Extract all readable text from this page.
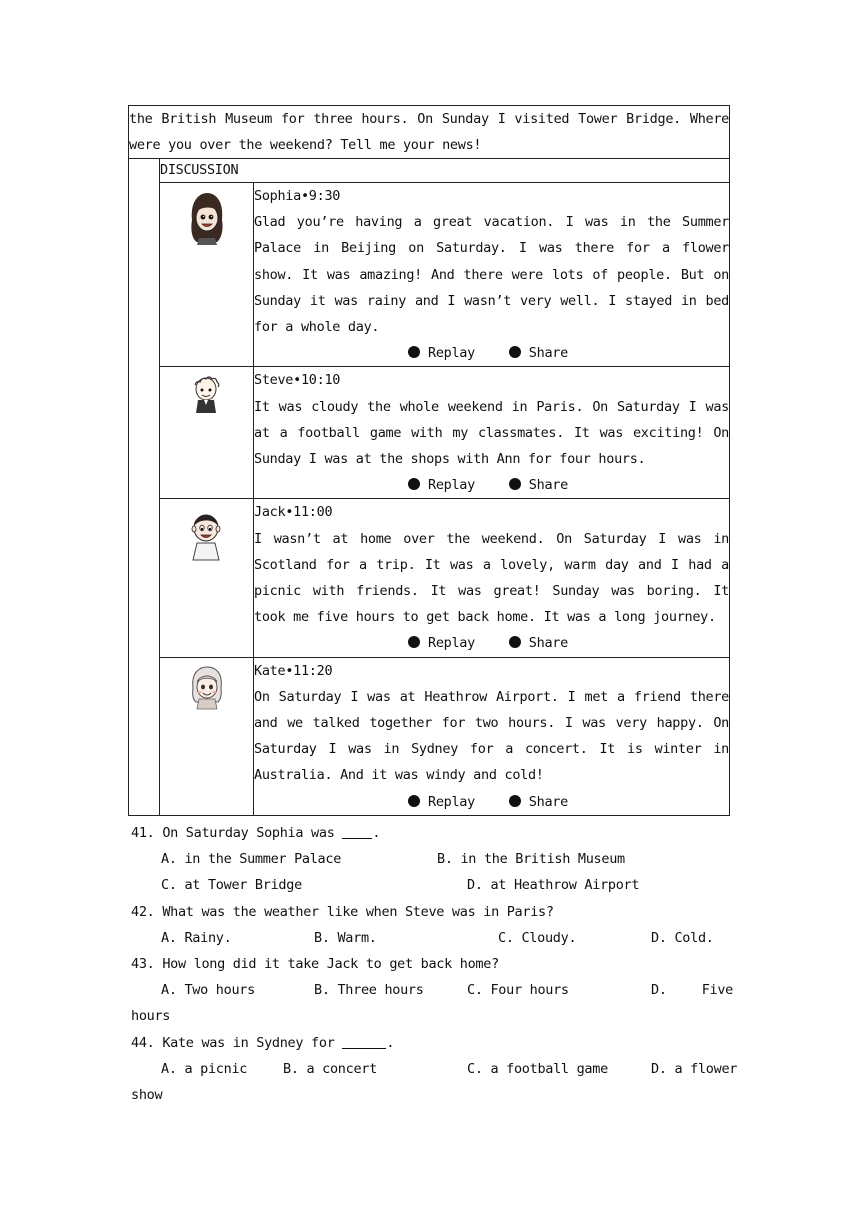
the British Museum for three hours. On Sunday I visited Tower Bridge. Where were you over the weekend? Tell me your news!		
	DISCUSSION	

Sophia•9:30
Glad you’re having a great vacation. I was in the Summer Palace in Beijing on Saturday. I was there for a flower show. It was amazing! And there were lots of people. But on Sunday it was rainy and I wasn’t very well. I stayed in bed for a whole day.
Replay Share

Steve•10:10
It was cloudy the whole weekend in Paris. On Saturday I was at a football game with my classmates. It was exciting! On Sunday I was at the shops with Ann for four hours.
Replay Share

Jack•11:00
I wasn’t at home over the weekend. On Saturday I was in Scotland for a trip. It was a lovely, warm day and I had a picnic with friends. It was great! Sunday was boring. It took me five hours to get back home. It was a long journey.
Replay Share

Kate•11:20
On Saturday I was at Heathrow Airport. I met a friend there and we talked together for two hours. I was very happy. On Saturday I was in Sydney for a concert. It is winter in Australia. And it was windy and cold!
Replay Share
41. On Saturday Sophia was	.
A. in the Summer Palace	B. in the British Museum
C. at Tower Bridge	D. at Heathrow Airport
42. What was the weather like when Steve was in Paris?
A. Rainy.	B. Warm.	C. Cloudy.	D. Cold.
43. How long did it take Jack to get back home?
A. Two hours	B. Three hours	C. Four hours	D.	Five
hours
44. Kate was in Sydney for	.
A. a picnic	B. a concert	C. a football game	D. a flower
show
